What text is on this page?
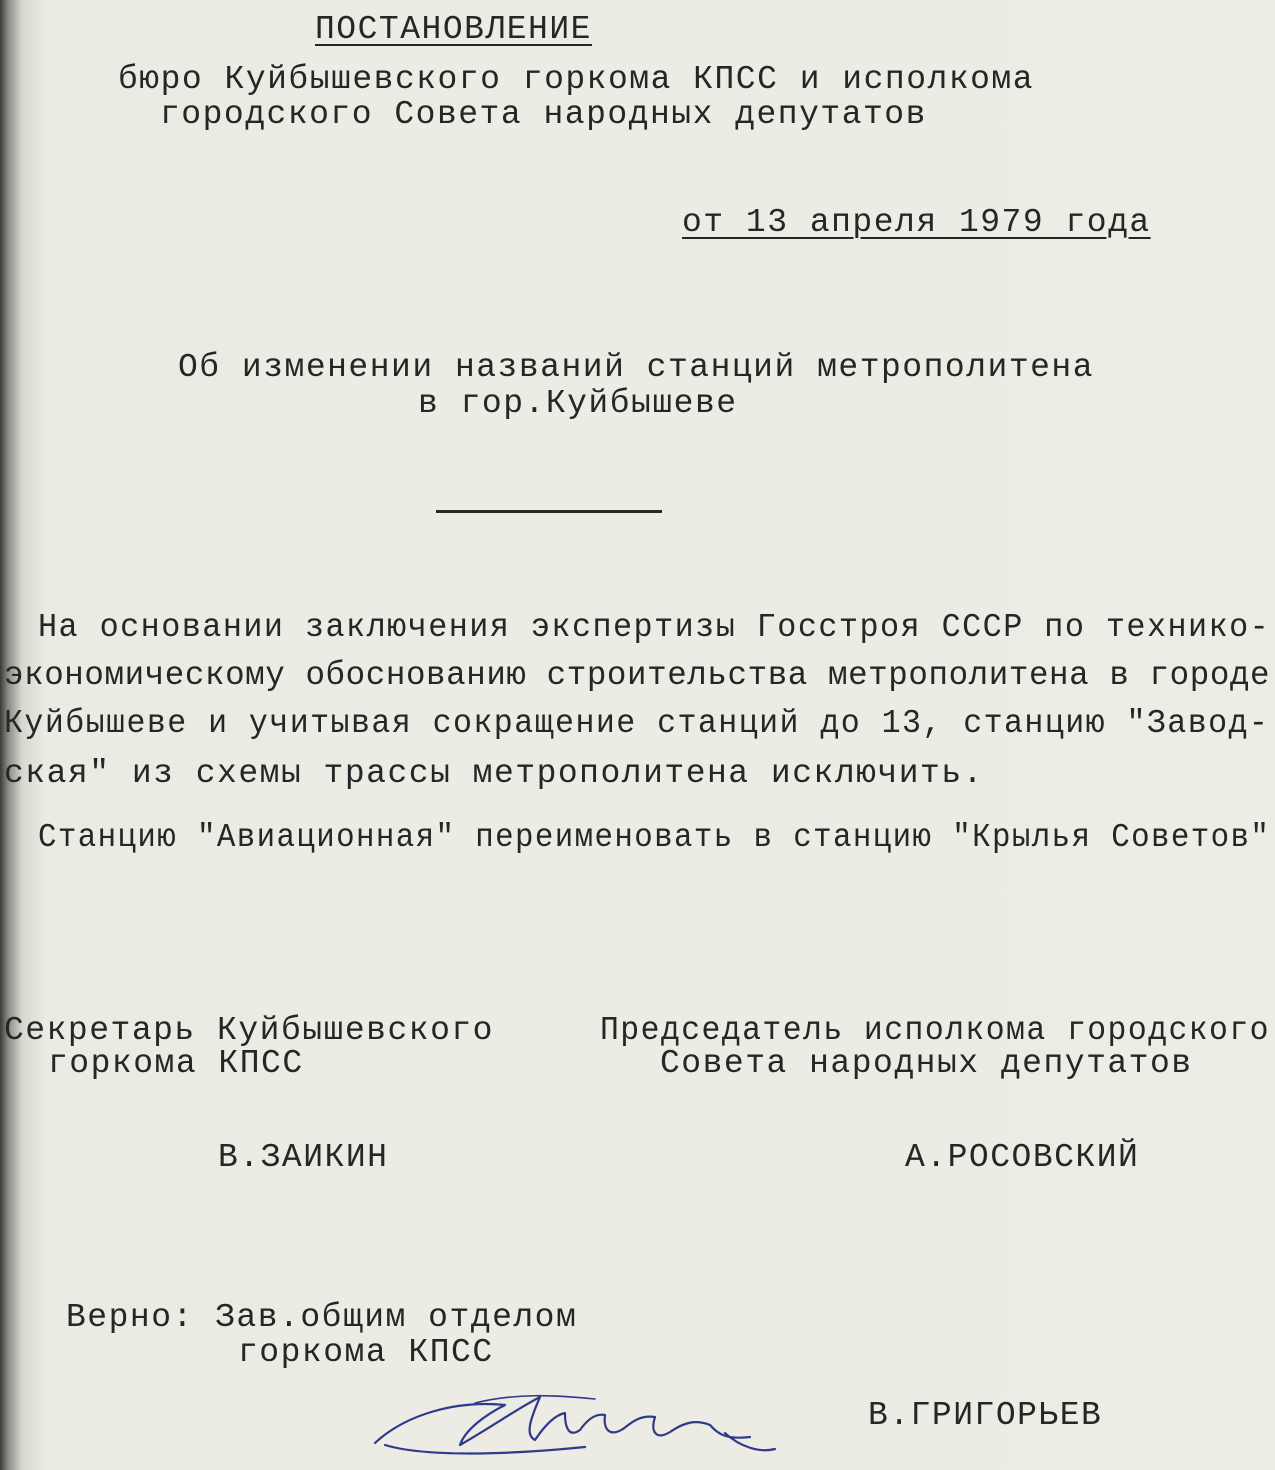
ПОСТАНОВЛЕНИЕ
бюро Куйбышевского горкома КПСС и исполкома
городского Совета народных депутатов
от 13 апреля 1979 года
Об изменении названий станций метрополитена
в гор.Куйбышеве
На основании заключения экспертизы Госстроя СССР по технико-
экономическому обоснованию строительства метрополитена в городе
Куйбышеве и учитывая сокращение станций до 13, станцию "Завод-
ская" из схемы трассы метрополитена исключить.
Станцию "Авиационная" переименовать в станцию "Крылья Советов"
Секретарь Куйбышевского
горкома КПСС
В.ЗАИКИН
Председатель исполкома городского
Совета народных депутатов
А.РОСОВСКИЙ
Верно: Зав.общим отделом
горкома КПСС
В.ГРИГОРЬЕВ
